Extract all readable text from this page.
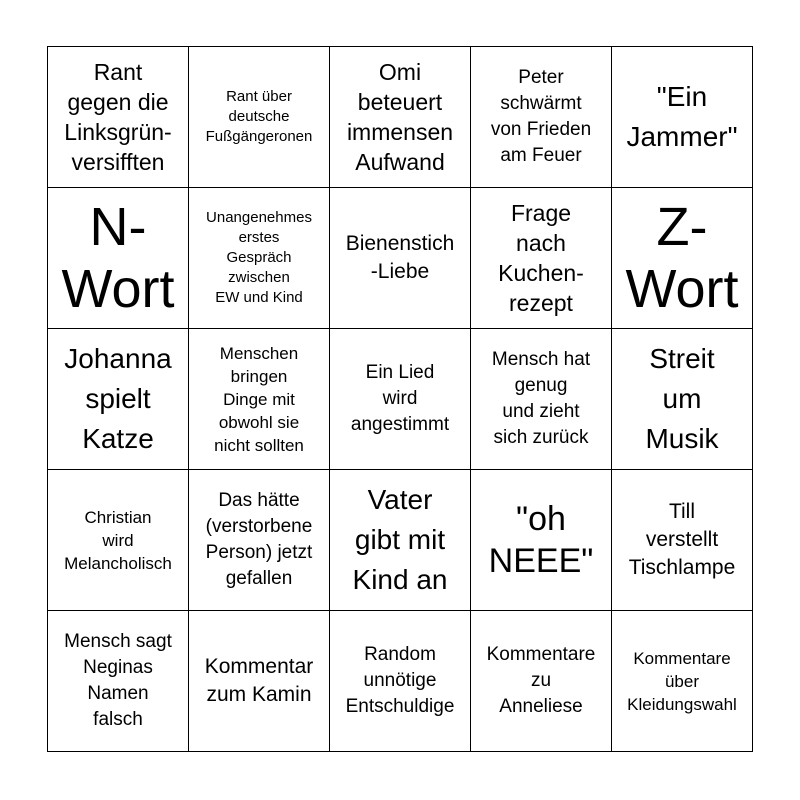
Rant
gegen die
Linksgrün-
versifften
Rant über
deutsche
Fußgängeronen
Omi
beteuert
immensen
Aufwand
Peter
schwärmt
von Frieden
am Feuer
"Ein
Jammer"
N-
Wort
Unangenehmes
erstes
Gespräch
zwischen
EW und Kind
Bienenstich
-Liebe
Frage
nach
Kuchen-
rezept
Z-
Wort
Johanna
spielt
Katze
Menschen
bringen
Dinge mit
obwohl sie
nicht sollten
Ein Lied
wird
angestimmt
Mensch hat
genug
und zieht
sich zurück
Streit
um
Musik
Christian
wird
Melancholisch
Das hätte
(verstorbene
Person) jetzt
gefallen
Vater
gibt mit
Kind an
"oh
NEEE"
Till
verstellt
Tischlampe
Mensch sagt
Neginas
Namen
falsch
Kommentar
zum Kamin
Random
unnötige
Entschuldige
Kommentare
zu
Anneliese
Kommentare
über
Kleidungswahl
